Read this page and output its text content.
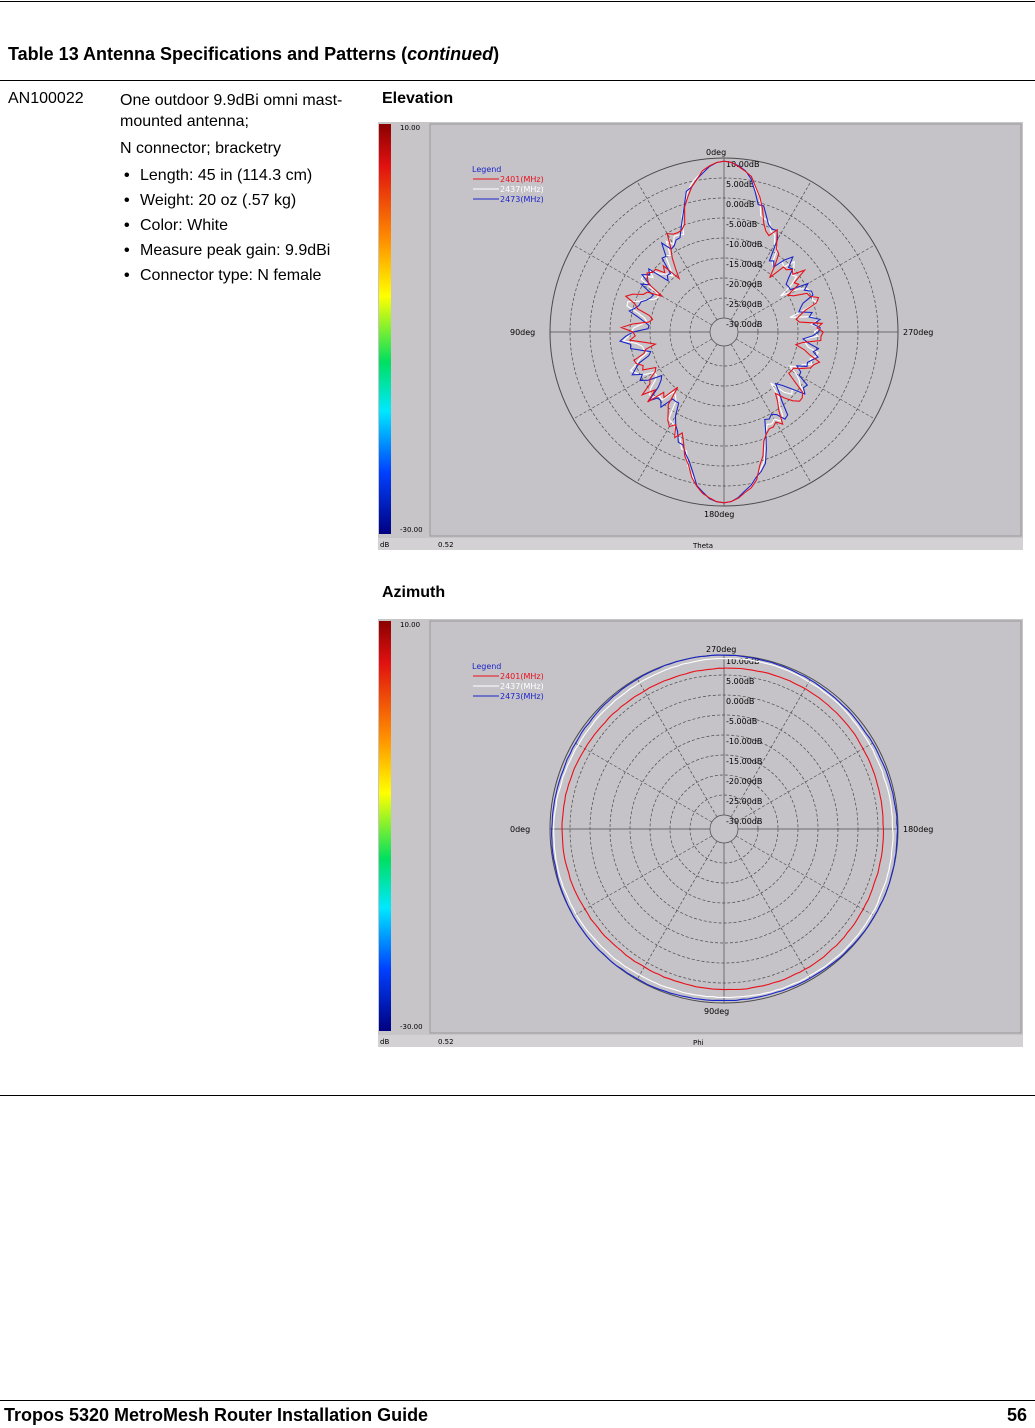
Table 13 Antenna Specifications and Patterns (continued)
AN100022 One outdoor 9.9dBi omni mast-mounted antenna;

N connector; bracketry

• Length: 45 in (114.3 cm)
• Weight: 20 oz (.57 kg)
• Color: White
• Measure peak gain: 9.9dBi
• Connector type: N female
Elevation
10.00
-30.00
dB	0.52	Theta
10.00dB
5.00dB
0.00dB
-5.00dB
-10.00dB
-15.00dB
-20.00dB
-25.00dB
-30.00dB
0deg
180deg
90deg	270deg
Legend
2401(MHz)
2437(MHz)
2473(MHz)
Azimuth
10.00
-30.00
dB	0.52	Phi
10.00dB
5.00dB
0.00dB
-5.00dB
-10.00dB
-15.00dB
-20.00dB
-25.00dB
-30.00dB
270deg
90deg
0deg	180deg
Legend
2401(MHz)
2437(MHz)
2473(MHz)
Tropos 5320 MetroMesh Router Installation Guide	56
